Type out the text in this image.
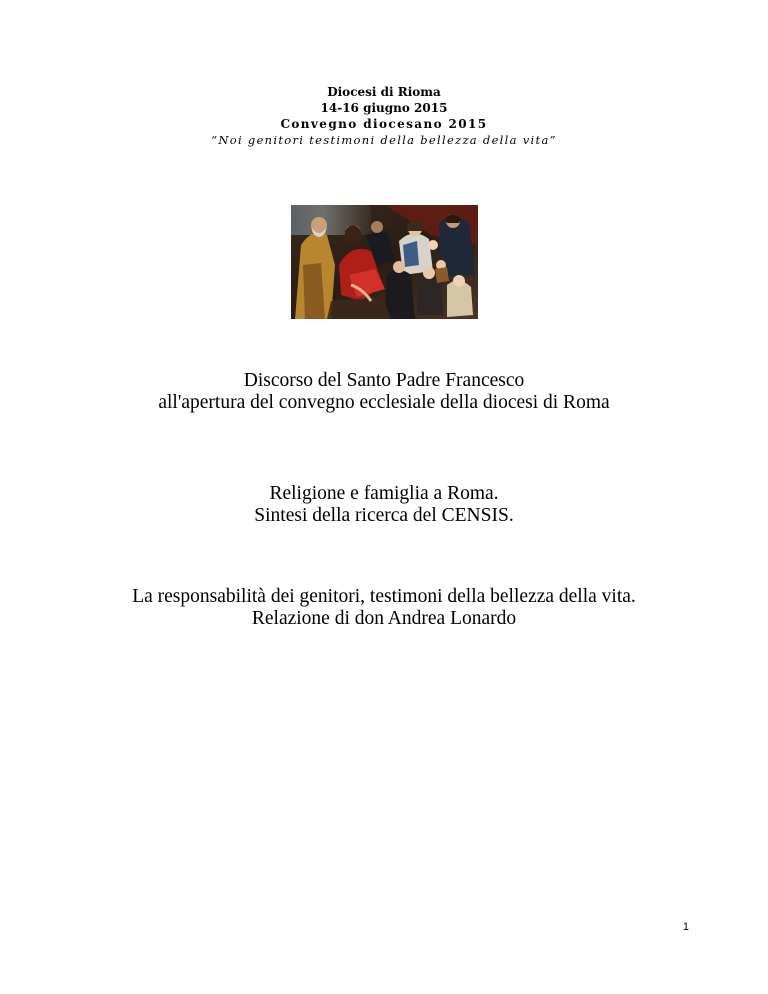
Diocesi di Rioma
14-16 giugno 2015
Convegno diocesano 2015
“Noi genitori testimoni della bellezza della vita”
Discorso del Santo Padre Francesco
all'apertura del convegno ecclesiale della diocesi di Roma
Religione e famiglia a Roma.
Sintesi della ricerca del CENSIS.
La responsabilità dei genitori, testimoni della bellezza della vita.
Relazione di don Andrea Lonardo
1
